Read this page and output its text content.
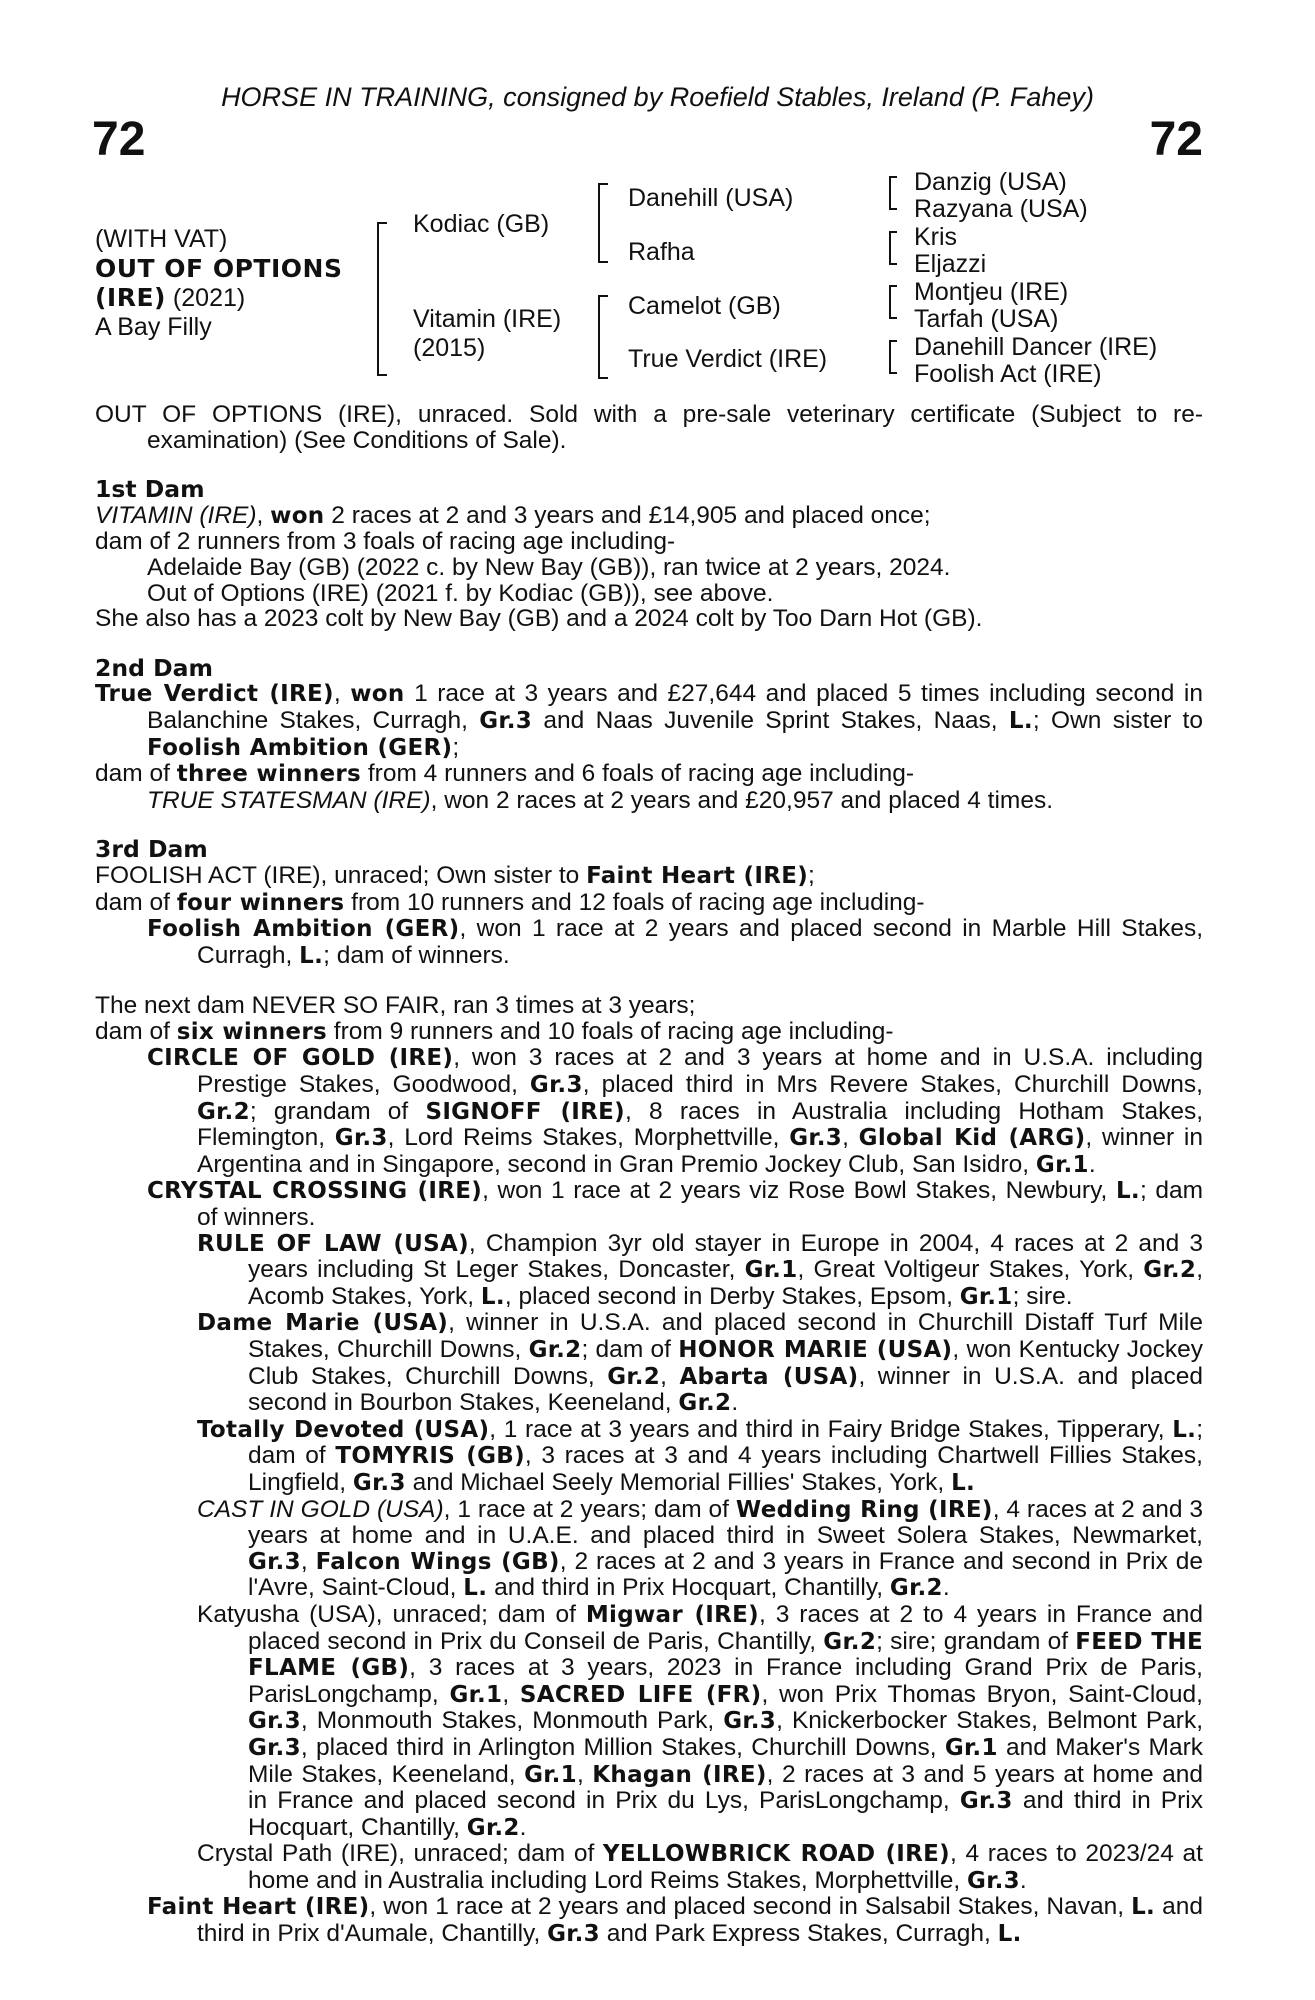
HORSE IN TRAINING, consigned by Roefield Stables, Ireland (P. Fahey)
72	72
(WITH VAT)
OUT OF OPTIONS
(IRE) (2021)
A Bay Filly
Kodiac (GB)
Vitamin (IRE)
(2015)
Danehill (USA)
Rafha
Camelot (GB)
True Verdict (IRE)
Danzig (USA)
Razyana (USA)
Kris
Eljazzi
Montjeu (IRE)
Tarfah (USA)
Danehill Dancer (IRE)
Foolish Act (IRE)

OUT OF OPTIONS (IRE), unraced. Sold with a pre-sale veterinary certificate (Subject to re-examination) (See Conditions of Sale).

1st Dam

VITAMIN (IRE), won 2 races at 2 and 3 years and £14,905 and placed once;

dam of 2 runners from 3 foals of racing age including-

Adelaide Bay (GB) (2022 c. by New Bay (GB)), ran twice at 2 years, 2024.

Out of Options (IRE) (2021 f. by Kodiac (GB)), see above.

She also has a 2023 colt by New Bay (GB) and a 2024 colt by Too Darn Hot (GB).

2nd Dam

True Verdict (IRE), won 1 race at 3 years and £27,644 and placed 5 times including second in Balanchine Stakes, Curragh, Gr.3 and Naas Juvenile Sprint Stakes, Naas, L.; Own sister to Foolish Ambition (GER);

dam of three winners from 4 runners and 6 foals of racing age including-

TRUE STATESMAN (IRE), won 2 races at 2 years and £20,957 and placed 4 times.

3rd Dam

FOOLISH ACT (IRE), unraced; Own sister to Faint Heart (IRE);

dam of four winners from 10 runners and 12 foals of racing age including-

Foolish Ambition (GER), won 1 race at 2 years and placed second in Marble Hill Stakes, Curragh, L.; dam of winners.

The next dam NEVER SO FAIR, ran 3 times at 3 years;

dam of six winners from 9 runners and 10 foals of racing age including-

CIRCLE OF GOLD (IRE), won 3 races at 2 and 3 years at home and in U.S.A. including Prestige Stakes, Goodwood, Gr.3, placed third in Mrs Revere Stakes, Churchill Downs, Gr.2; grandam of SIGNOFF (IRE), 8 races in Australia including Hotham Stakes, Flemington, Gr.3, Lord Reims Stakes, Morphettville, Gr.3, Global Kid (ARG), winner in Argentina and in Singapore, second in Gran Premio Jockey Club, San Isidro, Gr.1.

CRYSTAL CROSSING (IRE), won 1 race at 2 years viz Rose Bowl Stakes, Newbury, L.; dam of winners.

RULE OF LAW (USA), Champion 3yr old stayer in Europe in 2004, 4 races at 2 and 3 years including St Leger Stakes, Doncaster, Gr.1, Great Voltigeur Stakes, York, Gr.2, Acomb Stakes, York, L., placed second in Derby Stakes, Epsom, Gr.1; sire.

Dame Marie (USA), winner in U.S.A. and placed second in Churchill Distaff Turf Mile Stakes, Churchill Downs, Gr.2; dam of HONOR MARIE (USA), won Kentucky Jockey Club Stakes, Churchill Downs, Gr.2, Abarta (USA), winner in U.S.A. and placed second in Bourbon Stakes, Keeneland, Gr.2.

Totally Devoted (USA), 1 race at 3 years and third in Fairy Bridge Stakes, Tipperary, L.; dam of TOMYRIS (GB), 3 races at 3 and 4 years including Chartwell Fillies Stakes, Lingfield, Gr.3 and Michael Seely Memorial Fillies' Stakes, York, L.

CAST IN GOLD (USA), 1 race at 2 years; dam of Wedding Ring (IRE), 4 races at 2 and 3 years at home and in U.A.E. and placed third in Sweet Solera Stakes, Newmarket, Gr.3, Falcon Wings (GB), 2 races at 2 and 3 years in France and second in Prix de l'Avre, Saint-Cloud, L. and third in Prix Hocquart, Chantilly, Gr.2.

Katyusha (USA), unraced; dam of Migwar (IRE), 3 races at 2 to 4 years in France and placed second in Prix du Conseil de Paris, Chantilly, Gr.2; sire; grandam of FEED THE FLAME (GB), 3 races at 3 years, 2023 in France including Grand Prix de Paris, ParisLongchamp, Gr.1, SACRED LIFE (FR), won Prix Thomas Bryon, Saint-Cloud, Gr.3, Monmouth Stakes, Monmouth Park, Gr.3, Knickerbocker Stakes, Belmont Park, Gr.3, placed third in Arlington Million Stakes, Churchill Downs, Gr.1 and Maker's Mark Mile Stakes, Keeneland, Gr.1, Khagan (IRE), 2 races at 3 and 5 years at home and in France and placed second in Prix du Lys, ParisLongchamp, Gr.3 and third in Prix Hocquart, Chantilly, Gr.2.

Crystal Path (IRE), unraced; dam of YELLOWBRICK ROAD (IRE), 4 races to 2023/24 at home and in Australia including Lord Reims Stakes, Morphettville, Gr.3.

Faint Heart (IRE), won 1 race at 2 years and placed second in Salsabil Stakes, Navan, L. and third in Prix d'Aumale, Chantilly, Gr.3 and Park Express Stakes, Curragh, L.
